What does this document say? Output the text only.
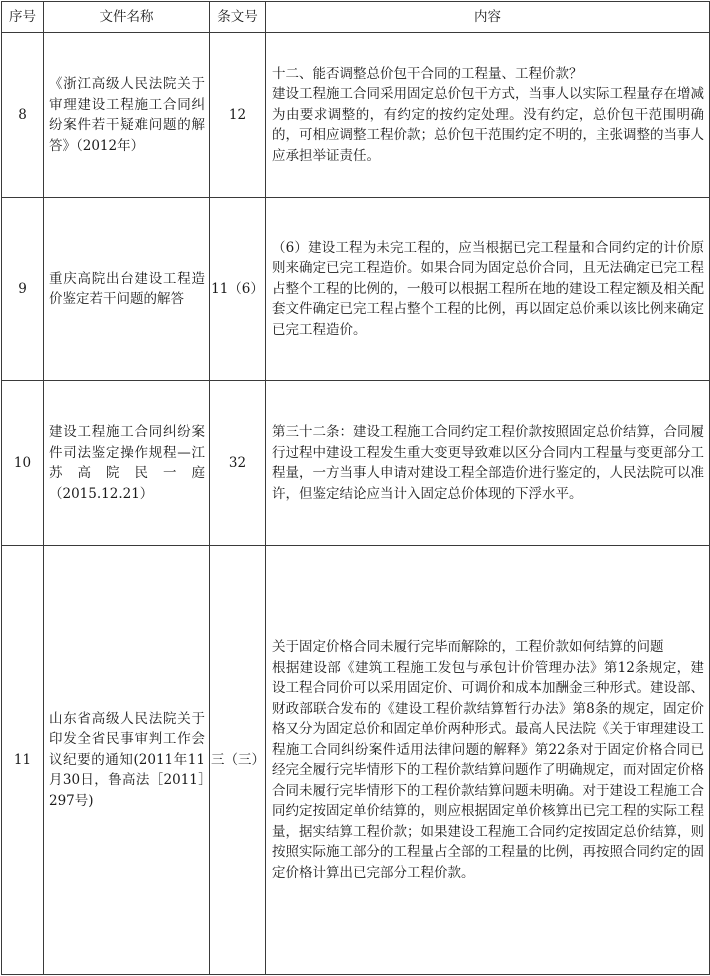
序号	文件名称	条文号	内容
8	《浙江高级人民法院关于审理建设工程施工合同纠纷案件若干疑难问题的解答》（2012年）	12	十二、能否调整总价包干合同的工程量、工程价款？
建设工程施工合同采用固定总价包干方式，当事人以实际工程量存在增减为由要求调整的，有约定的按约定处理。没有约定，总价包干范围明确的，可相应调整工程价款；总价包干范围约定不明的，主张调整的当事人应承担举证责任。

9	重庆高院出台建设工程造价鉴定若干问题的解答	11（6）	（6）建设工程为未完工程的，应当根据已完工程量和合同约定的计价原则来确定已完工程造价。如果合同为固定总价合同，且无法确定已完工程占整个工程的比例的，一般可以根据工程所在地的建设工程定额及相关配套文件确定已完工程占整个工程的比例，再以固定总价乘以该比例来确定已完工程造价。

10	建设工程施工合同纠纷案件司法鉴定操作规程—江苏高院民一庭（2015.12.21）	32	第三十二条：建设工程施工合同约定工程价款按照固定总价结算，合同履行过程中建设工程发生重大变更导致难以区分合同内工程量与变更部分工程量，一方当事人申请对建设工程全部造价进行鉴定的，人民法院可以准许，但鉴定结论应当计入固定总价体现的下浮水平。

11	山东省高级人民法院关于印发全省民事审判工作会议纪要的通知(2011年11月30日，鲁高法［2011］297号)	三（三）	关于固定价格合同未履行完毕而解除的，工程价款如何结算的问题
根据建设部《建筑工程施工发包与承包计价管理办法》第12条规定，建设工程合同价可以采用固定价、可调价和成本加酬金三种形式。建设部、财政部联合发布的《建设工程价款结算暂行办法》第8条的规定，固定价格又分为固定总价和固定单价两种形式。最高人民法院《关于审理建设工程施工合同纠纷案件适用法律问题的解释》第22条对于固定价格合同已经完全履行完毕情形下的工程价款结算问题作了明确规定，而对固定价格合同未履行完毕情形下的工程价款结算问题未明确。对于建设工程施工合同约定按固定单价结算的，则应根据固定单价核算出已完工程的实际工程量，据实结算工程价款；如果建设工程施工合同约定按固定总价结算，则按照实际施工部分的工程量占全部的工程量的比例，再按照合同约定的固定价格计算出已完部分工程价款。
